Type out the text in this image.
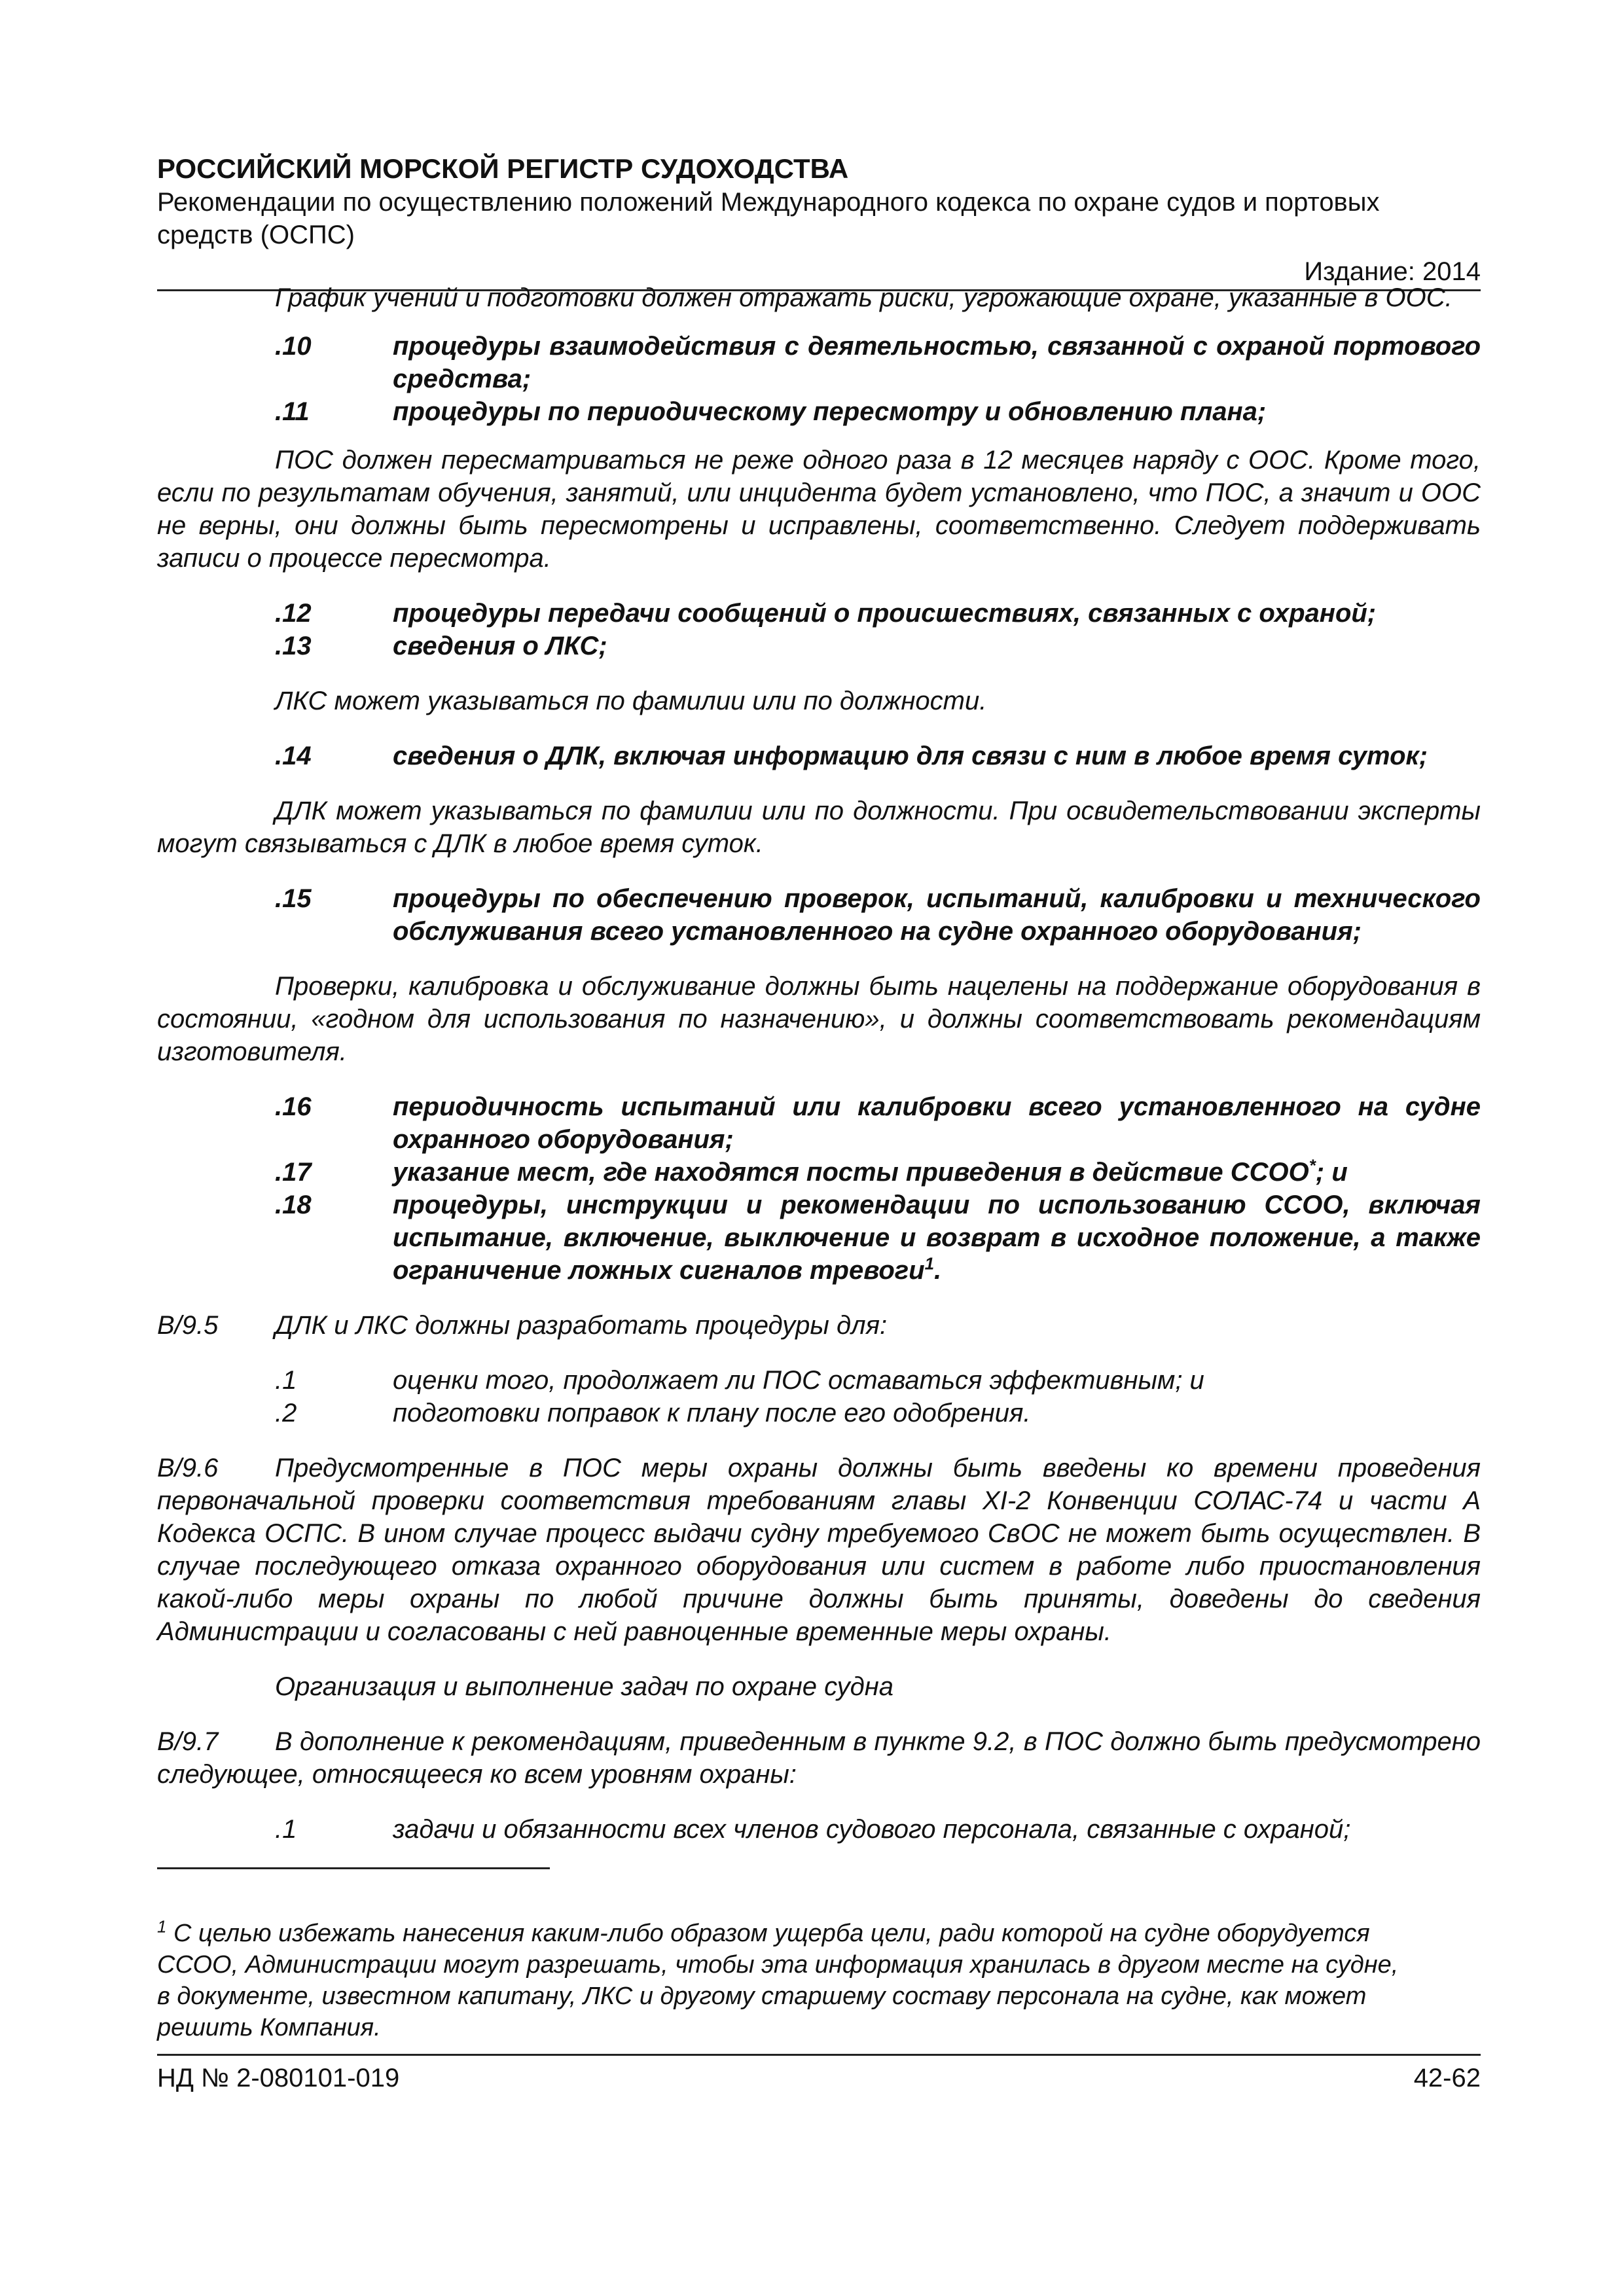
РОССИЙСКИЙ МОРСКОЙ РЕГИСТР СУДОХОДСТВА

Рекомендации по осуществлению положений Международного кодекса по охране судов и портовых
средств (ОСПС)

Издание: 2014

График учений и подготовки должен отражать риски, угрожающие охране, указанные в ООС.

.10	процедуры взаимодействия с деятельностью, связанной с охраной портового средства;
.11	процедуры по периодическому пересмотру и обновлению плана;

ПОС должен пересматриваться не реже одного раза в 12 месяцев наряду с ООС. Кроме того, если по результатам обучения, занятий, или инцидента будет установлено, что ПОС, а значит и ООС не верны, они должны быть пересмотрены и исправлены, соответственно. Следует поддерживать записи о процессе пересмотра.

.12	процедуры передачи сообщений о происшествиях, связанных с охраной;
.13	сведения о ЛКС;

ЛКС может указываться по фамилии или по должности.

.14	сведения о ДЛК, включая информацию для связи с ним в любое время суток;

ДЛК может указываться по фамилии или по должности. При освидетельствовании эксперты могут связываться с ДЛК в любое время суток.

.15	процедуры по обеспечению проверок, испытаний, калибровки и технического обслуживания всего установленного на судне охранного оборудования;

Проверки, калибровка и обслуживание должны быть нацелены на поддержание оборудования в состоянии, «годном для использования по назначению», и должны соответствовать рекомендациям изготовителя.

.16	периодичность испытаний или калибровки всего установленного на судне охранного оборудования;
.17	указание мест, где находятся посты приведения в действие ССОО*; и
.18	процедуры, инструкции и рекомендации по использованию ССОО, включая испытание, включение, выключение и возврат в исходное положение, а также ограничение ложных сигналов тревоги$^1$.

B/9.5 ДЛК и ЛКС должны разработать процедуры для:

.1	оценки того, продолжает ли ПОС оставаться эффективным; и
.2	подготовки поправок к плану после его одобрения.

B/9.6 Предусмотренные в ПОС меры охраны должны быть введены ко времени проведения первоначальной проверки соответствия требованиям главы XI-2 Конвенции СОЛАС-74 и части А Кодекса ОСПС. В ином случае процесс выдачи судну требуемого СвОС не может быть осуществлен. В случае последующего отказа охранного оборудования или систем в работе либо приостановления какой-либо меры охраны по любой причине должны быть приняты, доведены до сведения Администрации и согласованы с ней равноценные временные меры охраны.

Организация и выполнение задач по охране судна

B/9.7 В дополнение к рекомендациям, приведенным в пункте 9.2, в ПОС должно быть предусмотрено следующее, относящееся ко всем уровням охраны:

.1	задачи и обязанности всех членов судового персонала, связанные с охраной;

$^1$ С целью избежать нанесения каким-либо образом ущерба цели, ради которой на судне оборудуется ССОО, Администрации могут разрешать, чтобы эта информация хранилась в другом месте на судне, в документе, известном капитану, ЛКС и другому старшему составу персонала на судне, как может решить Компания.

НД № 2-080101-019	42-62
